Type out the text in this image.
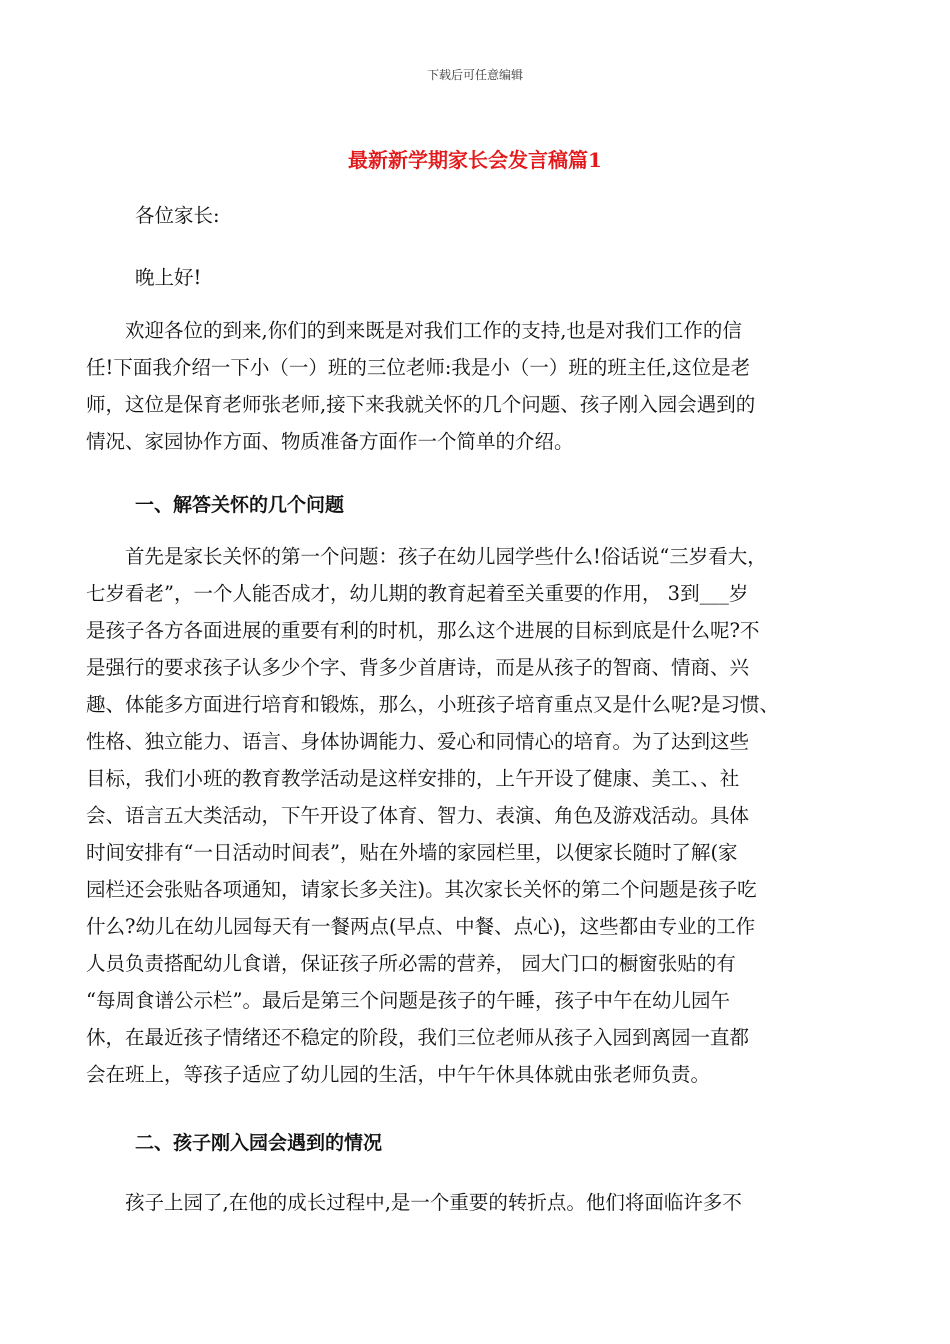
下载后可任意编辑
最新新学期家长会发言稿篇1
各位家长:
晚上好!
　　欢迎各位的到来,你们的到来既是对我们工作的支持,也是对我们工作的信
任!下面我介绍一下小（一）班的三位老师:我是小（一）班的班主任,这位是老
师，这位是保育老师张老师,接下来我就关怀的几个问题、孩子刚入园会遇到的
情况、家园协作方面、物质准备方面作一个简单的介绍。
一、解答关怀的几个问题
　　首先是家长关怀的第一个问题：孩子在幼儿园学些什么!俗话说“三岁看大，
七岁看老”，一个人能否成才，幼儿期的教育起着至关重要的作用， 3到___岁
是孩子各方各面进展的重要有利的时机，那么这个进展的目标到底是什么呢?不
是强行的要求孩子认多少个字、背多少首唐诗，而是从孩子的智商、情商、兴
趣、体能多方面进行培育和锻炼，那么，小班孩子培育重点又是什么呢?是习惯、
性格、独立能力、语言、身体协调能力、爱心和同情心的培育。为了达到这些
目标，我们小班的教育教学活动是这样安排的，上午开设了健康、美工、、社
会、语言五大类活动，下午开设了体育、智力、表演、角色及游戏活动。具体
时间安排有“一日活动时间表”，贴在外墙的家园栏里，以便家长随时了解(家
园栏还会张贴各项通知，请家长多关注)。其次家长关怀的第二个问题是孩子吃
什么?幼儿在幼儿园每天有一餐两点(早点、中餐、点心)，这些都由专业的工作
人员负责搭配幼儿食谱，保证孩子所必需的营养， 园大门口的橱窗张贴的有
“每周食谱公示栏”。最后是第三个问题是孩子的午睡，孩子中午在幼儿园午
休，在最近孩子情绪还不稳定的阶段，我们三位老师从孩子入园到离园一直都
会在班上，等孩子适应了幼儿园的生活，中午午休具体就由张老师负责。
二、孩子刚入园会遇到的情况
　　孩子上园了,在他的成长过程中,是一个重要的转折点。他们将面临许多不
